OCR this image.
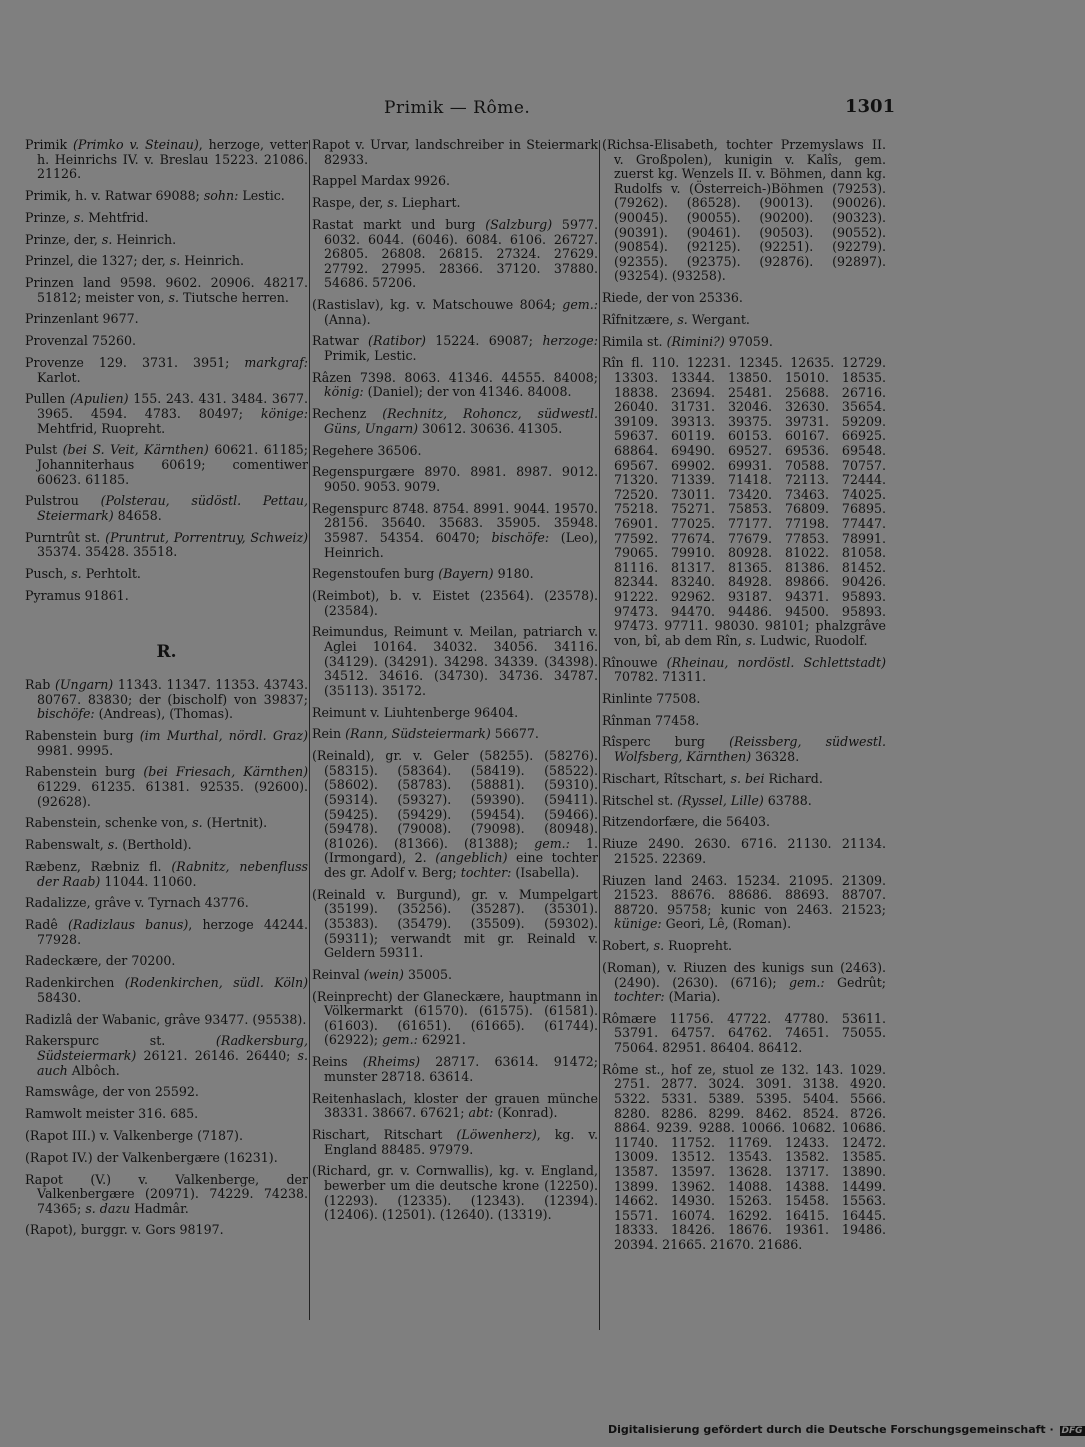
Primik — Rôme.	1301

Primik (Primko v. Steinau), herzoge, vetter h. Heinrichs IV. v. Breslau 15223. 21086. 21126.

Primik, h. v. Ratwar 69088; sohn: Lestic.

Prinze, s. Mehtfrid.

Prinze, der, s. Heinrich.

Prinzel, die 1327; der, s. Heinrich.

Prinzen land 9598. 9602. 20906. 48217. 51812; meister von, s. Tiutsche herren.

Prinzenlant 9677.

Provenzal 75260.

Provenze 129. 3731. 3951; markgraf: Karlot.

Pullen (Apulien) 155. 243. 431. 3484. 3677. 3965. 4594. 4783. 80497; könige: Mehtfrid, Ruopreht.

Pulst (bei S. Veit, Kärnthen) 60621. 61185; Johanniterhaus 60619; comentiwer 60623. 61185.

Pulstrou (Polsterau, südöstl. Pettau, Steiermark) 84658.

Purntrût st. (Pruntrut, Porrentruy, Schweiz) 35374. 35428. 35518.

Pusch, s. Perhtolt.

Pyramus 91861.

R.

Rab (Ungarn) 11343. 11347. 11353. 43743. 80767. 83830; der (bischolf) von 39837; bischöfe: (Andreas), (Thomas).

Rabenstein burg (im Murthal, nördl. Graz) 9981. 9995.

Rabenstein burg (bei Friesach, Kärnthen) 61229. 61235. 61381. 92535. (92600). (92628).

Rabenstein, schenke von, s. (Hertnit).

Rabenswalt, s. (Berthold).

Ræbenz, Ræbniz fl. (Rabnitz, nebenfluss der Raab) 11044. 11060.

Radalizze, grâve v. Tyrnach 43776.

Radê (Radizlaus banus), herzoge 44244. 77928.

Radeckære, der 70200.

Radenkirchen (Rodenkirchen, südl. Köln) 58430.

Radizlâ der Wabanic, grâve 93477. (95538).

Rakerspurc st. (Radkersburg, Südsteiermark) 26121. 26146. 26440; s. auch Albôch.

Ramswâge, der von 25592.

Ramwolt meister 316. 685.

(Rapot III.) v. Valkenberge (7187).

(Rapot IV.) der Valkenbergære (16231).

Rapot (V.) v. Valkenberge, der Valkenbergære (20971). 74229. 74238. 74365; s. dazu Hadmâr.

(Rapot), burggr. v. Gors 98197.

Rapot v. Urvar, landschreiber in Steiermark 82933.

Rappel Mardax 9926.

Raspe, der, s. Liephart.

Rastat markt und burg (Salzburg) 5977. 6032. 6044. (6046). 6084. 6106. 26727. 26805. 26808. 26815. 27324. 27629. 27792. 27995. 28366. 37120. 37880. 54686. 57206.

(Rastislav), kg. v. Matschouwe 8064; gem.: (Anna).

Ratwar (Ratibor) 15224. 69087; herzoge: Primik, Lestic.

Râzen 7398. 8063. 41346. 44555. 84008; könig: (Daniel); der von 41346. 84008.

Rechenz (Rechnitz, Rohoncz, südwestl. Güns, Ungarn) 30612. 30636. 41305.

Regehere 36506.

Regenspurgære 8970. 8981. 8987. 9012. 9050. 9053. 9079.

Regenspurc 8748. 8754. 8991. 9044. 19570. 28156. 35640. 35683. 35905. 35948. 35987. 54354. 60470; bischöfe: (Leo), Heinrich.

Regenstoufen burg (Bayern) 9180.

(Reimbot), b. v. Eistet (23564). (23578). (23584).

Reimundus, Reimunt v. Meilan, patriarch v. Aglei 10164. 34032. 34056. 34116. (34129). (34291). 34298. 34339. (34398). 34512. 34616. (34730). 34736. 34787. (35113). 35172.

Reimunt v. Liuhtenberge 96404.

Rein (Rann, Südsteiermark) 56677.

(Reinald), gr. v. Geler (58255). (58276). (58315). (58364). (58419). (58522). (58602). (58783). (58881). (59310). (59314). (59327). (59390). (59411). (59425). (59429). (59454). (59466). (59478). (79008). (79098). (80948). (81026). (81366). (81388); gem.: 1. (Irmongard), 2. (angeblich) eine tochter des gr. Adolf v. Berg; tochter: (Isabella).

(Reinald v. Burgund), gr. v. Mumpelgart (35199). (35256). (35287). (35301). (35383). (35479). (35509). (59302). (59311); verwandt mit gr. Reinald v. Geldern 59311.

Reinval (wein) 35005.

(Reinprecht) der Glaneckære, hauptmann in Völkermarkt (61570). (61575). (61581). (61603). (61651). (61665). (61744). (62922); gem.: 62921.

Reins (Rheims) 28717. 63614. 91472; munster 28718. 63614.

Reitenhaslach, kloster der grauen münche 38331. 38667. 67621; abt: (Konrad).

Rischart, Ritschart (Löwenherz), kg. v. England 88485. 97979.

(Richard, gr. v. Cornwallis), kg. v. England, bewerber um die deutsche krone (12250). (12293). (12335). (12343). (12394). (12406). (12501). (12640). (13319).

(Richsa-Elisabeth, tochter Przemyslaws II. v. Großpolen), kunigin v. Kalîs, gem. zuerst kg. Wenzels II. v. Böhmen, dann kg. Rudolfs v. (Österreich-)Böhmen (79253). (79262). (86528). (90013). (90026). (90045). (90055). (90200). (90323). (90391). (90461). (90503). (90552). (90854). (92125). (92251). (92279). (92355). (92375). (92876). (92897). (93254). (93258).

Riede, der von 25336.

Rîfnitzære, s. Wergant.

Rimila st. (Rimini?) 97059.

Rîn fl. 110. 12231. 12345. 12635. 12729. 13303. 13344. 13850. 15010. 18535. 18838. 23694. 25481. 25688. 26716. 26040. 31731. 32046. 32630. 35654. 39109. 39313. 39375. 39731. 59209. 59637. 60119. 60153. 60167. 66925. 68864. 69490. 69527. 69536. 69548. 69567. 69902. 69931. 70588. 70757. 71320. 71339. 71418. 72113. 72444. 72520. 73011. 73420. 73463. 74025. 75218. 75271. 75853. 76809. 76895. 76901. 77025. 77177. 77198. 77447. 77592. 77674. 77679. 77853. 78991. 79065. 79910. 80928. 81022. 81058. 81116. 81317. 81365. 81386. 81452. 82344. 83240. 84928. 89866. 90426. 91222. 92962. 93187. 94371. 95893. 97473. 94470. 94486. 94500. 95893. 97473. 97711. 98030. 98101; phalzgrâve von, bî, ab dem Rîn, s. Ludwic, Ruodolf.

Rînouwe (Rheinau, nordöstl. Schlettstadt) 70782. 71311.

Rinlinte 77508.

Rînman 77458.

Rîsperc burg (Reissberg, südwestl. Wolfsberg, Kärnthen) 36328.

Rischart, Rîtschart, s. bei Richard.

Ritschel st. (Ryssel, Lille) 63788.

Ritzendorfære, die 56403.

Riuze 2490. 2630. 6716. 21130. 21134. 21525. 22369.

Riuzen land 2463. 15234. 21095. 21309. 21523. 88676. 88686. 88693. 88707. 88720. 95758; kunic von 2463. 21523; künige: Geori, Lê, (Roman).

Robert, s. Ruopreht.

(Roman), v. Riuzen des kunigs sun (2463). (2490). (2630). (6716); gem.: Gedrût; tochter: (Maria).

Rômære 11756. 47722. 47780. 53611. 53791. 64757. 64762. 74651. 75055. 75064. 82951. 86404. 86412.

Rôme st., hof ze, stuol ze 132. 143. 1029. 2751. 2877. 3024. 3091. 3138. 4920. 5322. 5331. 5389. 5395. 5404. 5566. 8280. 8286. 8299. 8462. 8524. 8726. 8864. 9239. 9288. 10066. 10682. 10686. 11740. 11752. 11769. 12433. 12472. 13009. 13512. 13543. 13582. 13585. 13587. 13597. 13628. 13717. 13890. 13899. 13962. 14088. 14388. 14499. 14662. 14930. 15263. 15458. 15563. 15571. 16074. 16292. 16415. 16445. 18333. 18426. 18676. 19361. 19486. 20394. 21665. 21670. 21686.

Digitalisierung gefördert durch die Deutsche Forschungsgemeinschaft · DFG
